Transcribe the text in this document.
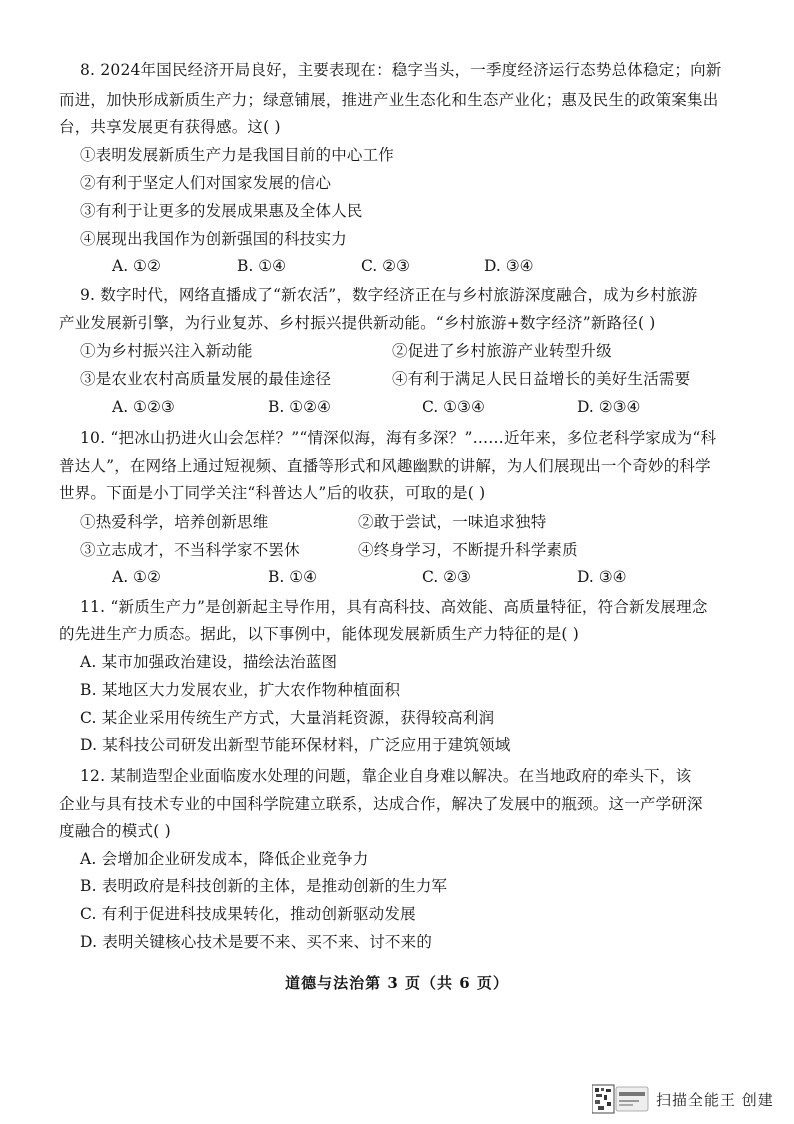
8. 2024年国民经济开局良好，主要表现在：稳字当头，一季度经济运行态势总体稳定；向新
而进，加快形成新质生产力；绿意铺展，推进产业生态化和生态产业化；惠及民生的政策案集出
台，共享发展更有获得感。这( )
①表明发展新质生产力是我国目前的中心工作
②有利于坚定人们对国家发展的信心
③有利于让更多的发展成果惠及全体人民
④展现出我国作为创新强国的科技实力
A. ①②	B. ①④	C. ②③	D. ③④
9. 数字时代，网络直播成了“新农活”，数字经济正在与乡村旅游深度融合，成为乡村旅游
产业发展新引擎，为行业复苏、乡村振兴提供新动能。“乡村旅游+数字经济”新路径( )
①为乡村振兴注入新动能	②促进了乡村旅游产业转型升级
③是农业农村高质量发展的最佳途径	④有利于满足人民日益增长的美好生活需要
A. ①②③	B. ①②④	C. ①③④	D. ②③④
10. “把冰山扔进火山会怎样？”“情深似海，海有多深？”……近年来，多位老科学家成为“科
普达人”，在网络上通过短视频、直播等形式和风趣幽默的讲解，为人们展现出一个奇妙的科学
世界。下面是小丁同学关注“科普达人”后的收获，可取的是( )
①热爱科学，培养创新思维	②敢于尝试，一味追求独特
③立志成才，不当科学家不罢休	④终身学习，不断提升科学素质
A. ①②	B. ①④	C. ②③	D. ③④
11. “新质生产力”是创新起主导作用，具有高科技、高效能、高质量特征，符合新发展理念
的先进生产力质态。据此，以下事例中，能体现发展新质生产力特征的是( )
A. 某市加强政治建设，描绘法治蓝图
B. 某地区大力发展农业，扩大农作物种植面积
C. 某企业采用传统生产方式，大量消耗资源，获得较高利润
D. 某科技公司研发出新型节能环保材料，广泛应用于建筑领域
12. 某制造型企业面临废水处理的问题，靠企业自身难以解决。在当地政府的牵头下，该
企业与具有技术专业的中国科学院建立联系，达成合作，解决了发展中的瓶颈。这一产学研深
度融合的模式( )
A. 会增加企业研发成本，降低企业竞争力
B. 表明政府是科技创新的主体，是推动创新的生力军
C. 有利于促进科技成果转化，推动创新驱动发展
D. 表明关键核心技术是要不来、买不来、讨不来的
道德与法治第 3 页（共 6 页）
扫描全能王 创建
